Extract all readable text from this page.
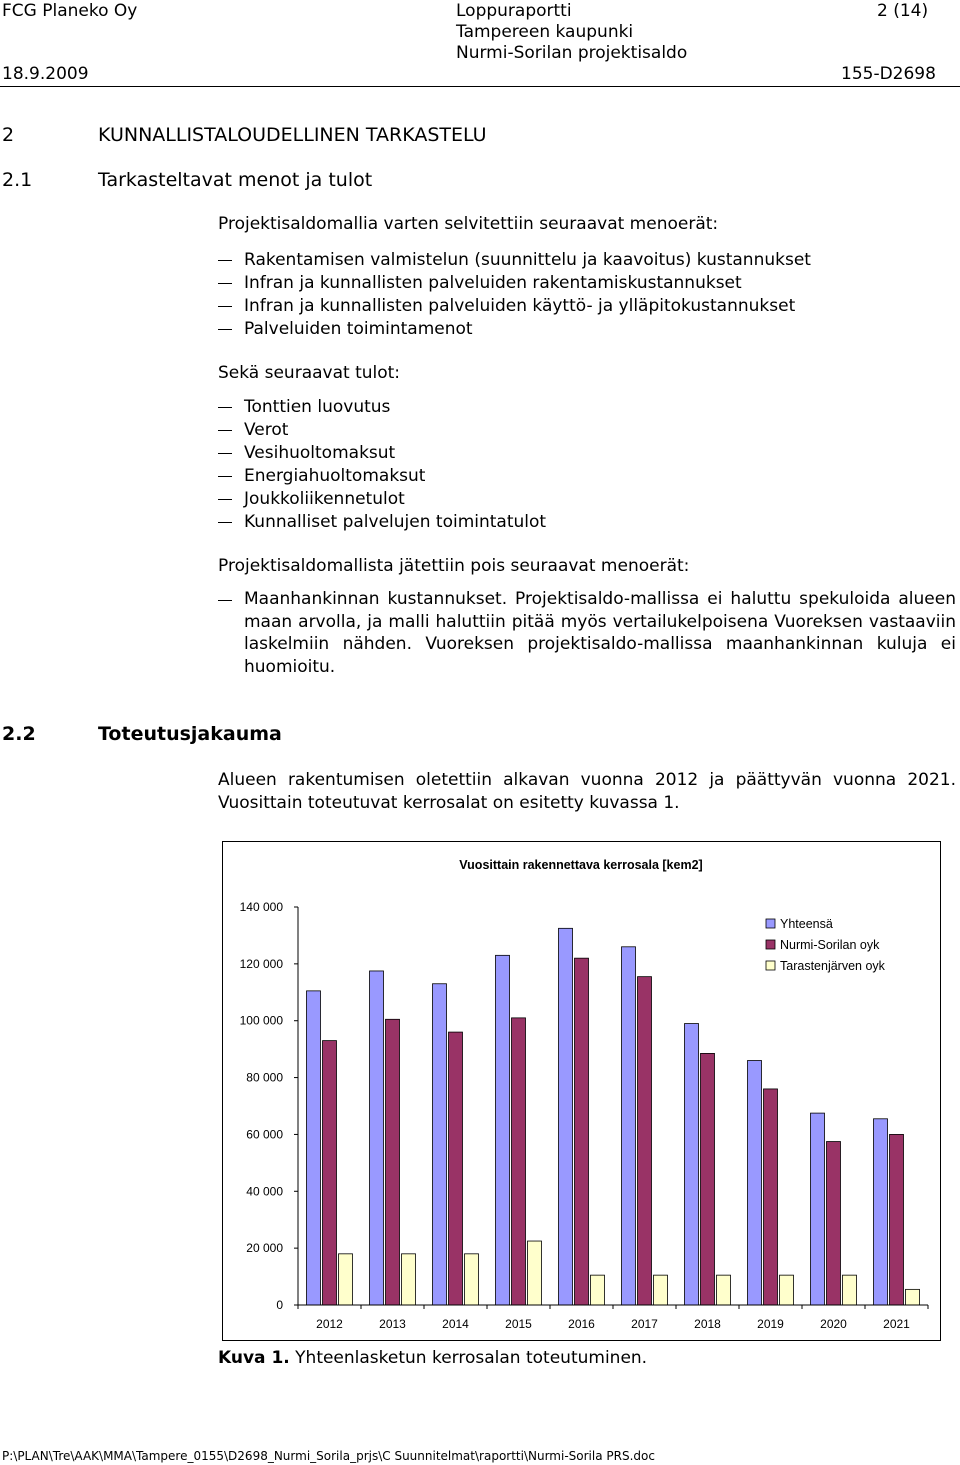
FCG Planeko Oy	Loppuraportti
Tampereen kaupunki
Nurmi-Sorilan projektisaldo
2 (14)
18.9.2009	155-D2698
2	KUNNALLISTALOUDELLINEN TARKASTELU
2.1	Tarkasteltavat menot ja tulot
Projektisaldomallia varten selvitettiin seuraavat menoerät:
Rakentamisen valmistelun (suunnittelu ja kaavoitus) kustannukset
Infran ja kunnallisten palveluiden rakentamiskustannukset
Infran ja kunnallisten palveluiden käyttö- ja ylläpitokustannukset
Palveluiden toimintamenot
Sekä seuraavat tulot:
Tonttien luovutus
Verot
Vesihuoltomaksut
Energiahuoltomaksut
Joukkoliikennetulot
Kunnalliset palvelujen toimintatulot
Projektisaldomallista jätettiin pois seuraavat menoerät:
Maanhankinnan kustannukset. Projektisaldo-mallissa ei haluttu spekuloida alueen maan arvolla, ja malli haluttiin pitää myös vertailukelpoisena Vuoreksen vastaaviin laskelmiin nähden. Vuoreksen projektisaldo-mallissa maanhankinnan kuluja ei huomioitu.
2.2	Toteutusjakauma
Alueen rakentumisen oletettiin alkavan vuonna 2012 ja päättyvän vuonna 2021. Vuosittain toteutuvat kerrosalat on esitetty kuvassa 1.
Vuosittain rakennettava kerrosala [kem2]
0
20 000
40 000
60 000
80 000
100 000
120 000
140 000
2012	2013	2014	2015	2016	2017	2018	2019	2020	2021
Yhteensä
Nurmi-Sorilan oyk
Tarastenjärven oyk
Kuva 1. Yhteenlasketun kerrosalan toteutuminen.
P:\PLAN\Tre\AAK\MMA\Tampere_0155\D2698_Nurmi_Sorila_prjs\C Suunnitelmat\raportti\Nurmi-Sorila PRS.doc
